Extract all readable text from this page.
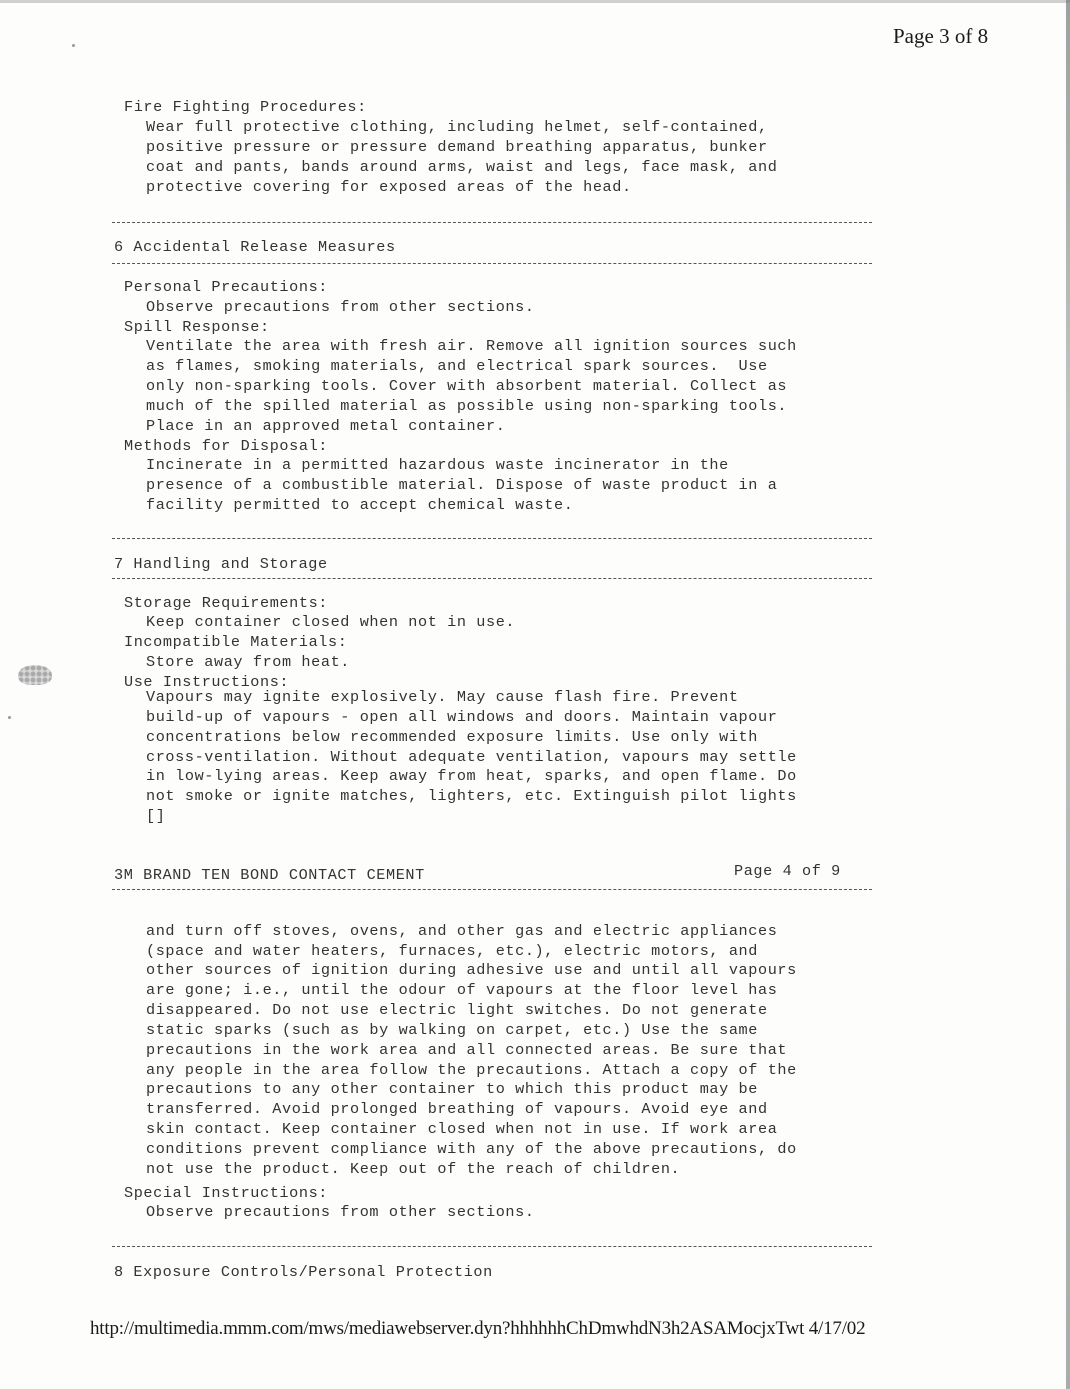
Page 3 of 8
Fire Fighting Procedures:
Wear full protective clothing, including helmet, self-contained,
positive pressure or pressure demand breathing apparatus, bunker
coat and pants, bands around arms, waist and legs, face mask, and
protective covering for exposed areas of the head.
6 Accidental Release Measures
Personal Precautions:
Observe precautions from other sections.
Spill Response:
Ventilate the area with fresh air. Remove all ignition sources such
as flames, smoking materials, and electrical spark sources.  Use
only non-sparking tools. Cover with absorbent material. Collect as
much of the spilled material as possible using non-sparking tools.
Place in an approved metal container.
Methods for Disposal:
Incinerate in a permitted hazardous waste incinerator in the
presence of a combustible material. Dispose of waste product in a
facility permitted to accept chemical waste.
7 Handling and Storage
Storage Requirements:
Keep container closed when not in use.
Incompatible Materials:
Store away from heat.
Use Instructions:
Vapours may ignite explosively. May cause flash fire. Prevent
build-up of vapours - open all windows and doors. Maintain vapour
concentrations below recommended exposure limits. Use only with
cross-ventilation. Without adequate ventilation, vapours may settle
in low-lying areas. Keep away from heat, sparks, and open flame. Do
not smoke or ignite matches, lighters, etc. Extinguish pilot lights
[]
3M BRAND TEN BOND CONTACT CEMENT	Page 4 of 9
and turn off stoves, ovens, and other gas and electric appliances
(space and water heaters, furnaces, etc.), electric motors, and
other sources of ignition during adhesive use and until all vapours
are gone; i.e., until the odour of vapours at the floor level has
disappeared. Do not use electric light switches. Do not generate
static sparks (such as by walking on carpet, etc.) Use the same
precautions in the work area and all connected areas. Be sure that
any people in the area follow the precautions. Attach a copy of the
precautions to any other container to which this product may be
transferred. Avoid prolonged breathing of vapours. Avoid eye and
skin contact. Keep container closed when not in use. If work area
conditions prevent compliance with any of the above precautions, do
not use the product. Keep out of the reach of children.
Special Instructions:
Observe precautions from other sections.
8 Exposure Controls/Personal Protection
http://multimedia.mmm.com/mws/mediawebserver.dyn?hhhhhhChDmwhdN3h2ASAMocjxTwt 4/17/02
